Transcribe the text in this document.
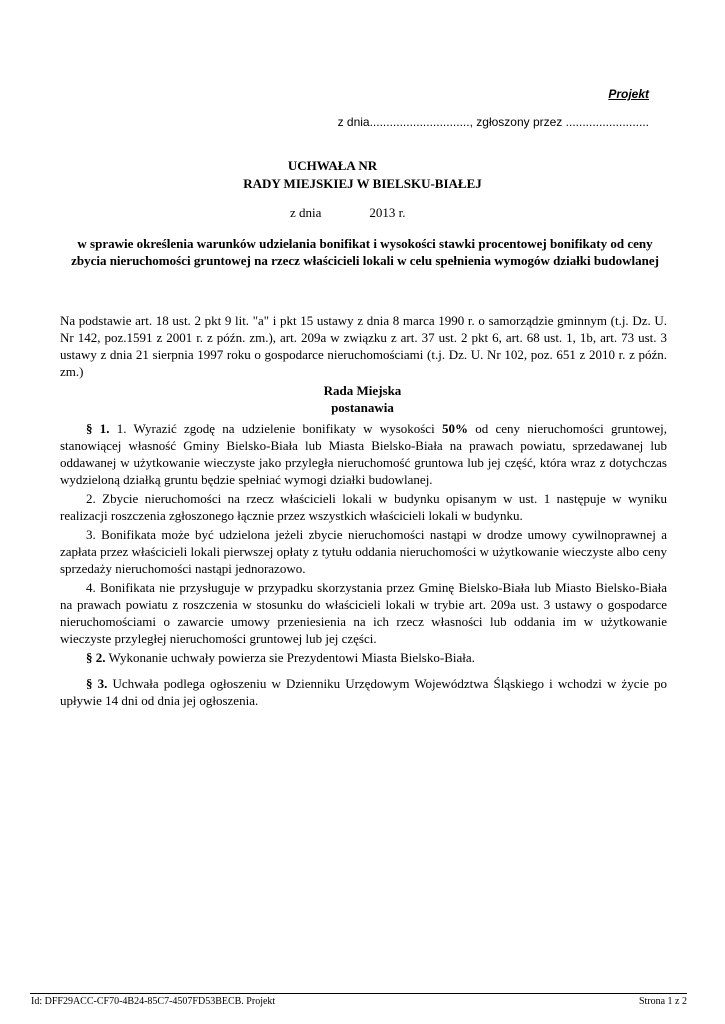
Projekt
z dnia.............................., zgłoszony przez .........................
UCHWAŁA NR
RADY MIEJSKIEJ W BIELSKU-BIAŁEJ
z dnia	2013 r.
w sprawie określenia warunków udzielania bonifikat i wysokości stawki procentowej bonifikaty od ceny zbycia nieruchomości gruntowej na rzecz właścicieli lokali w celu spełnienia wymogów działki budowlanej
Na podstawie art. 18 ust. 2 pkt 9 lit. "a" i pkt 15 ustawy z dnia 8 marca 1990 r. o samorządzie gminnym (t.j. Dz. U. Nr 142, poz.1591 z 2001 r. z późn. zm.), art. 209a w związku z art. 37 ust. 2 pkt 6, art. 68 ust. 1, 1b, art. 73 ust. 3 ustawy z dnia 21 sierpnia 1997 roku o gospodarce nieruchomościami (t.j. Dz. U. Nr 102, poz. 651 z 2010 r. z późn. zm.)
Rada Miejska
postanawia
§ 1. 1. Wyrazić zgodę na udzielenie bonifikaty w wysokości 50% od ceny nieruchomości gruntowej, stanowiącej własność Gminy Bielsko-Biała lub Miasta Bielsko-Biała na prawach powiatu, sprzedawanej lub oddawanej w użytkowanie wieczyste jako przyległa nieruchomość gruntowa lub jej część, która wraz z dotychczas wydzieloną działką gruntu będzie spełniać wymogi działki budowlanej.
2. Zbycie nieruchomości na rzecz właścicieli lokali w budynku opisanym w ust. 1 następuje w wyniku realizacji roszczenia zgłoszonego łącznie przez wszystkich właścicieli lokali w budynku.
3. Bonifikata może być udzielona jeżeli zbycie nieruchomości nastąpi w drodze umowy cywilnoprawnej a zapłata przez właścicieli lokali pierwszej opłaty z tytułu oddania nieruchomości w użytkowanie wieczyste albo ceny sprzedaży nieruchomości nastąpi jednorazowo.
4. Bonifikata nie przysługuje w przypadku skorzystania przez Gminę Bielsko-Biała lub Miasto Bielsko-Biała na prawach powiatu z roszczenia w stosunku do właścicieli lokali w trybie art. 209a ust. 3 ustawy o gospodarce nieruchomościami o zawarcie umowy przeniesienia na ich rzecz własności lub oddania im w użytkowanie wieczyste przyległej nieruchomości gruntowej lub jej części.
§ 2. Wykonanie uchwały powierza sie Prezydentowi Miasta Bielsko-Biała.
§ 3. Uchwała podlega ogłoszeniu w Dzienniku Urzędowym Województwa Śląskiego i wchodzi w życie po upływie 14 dni od dnia jej ogłoszenia.
Id: DFF29ACC-CF70-4B24-85C7-4507FD53BECB. Projekt	Strona 1 z 2
